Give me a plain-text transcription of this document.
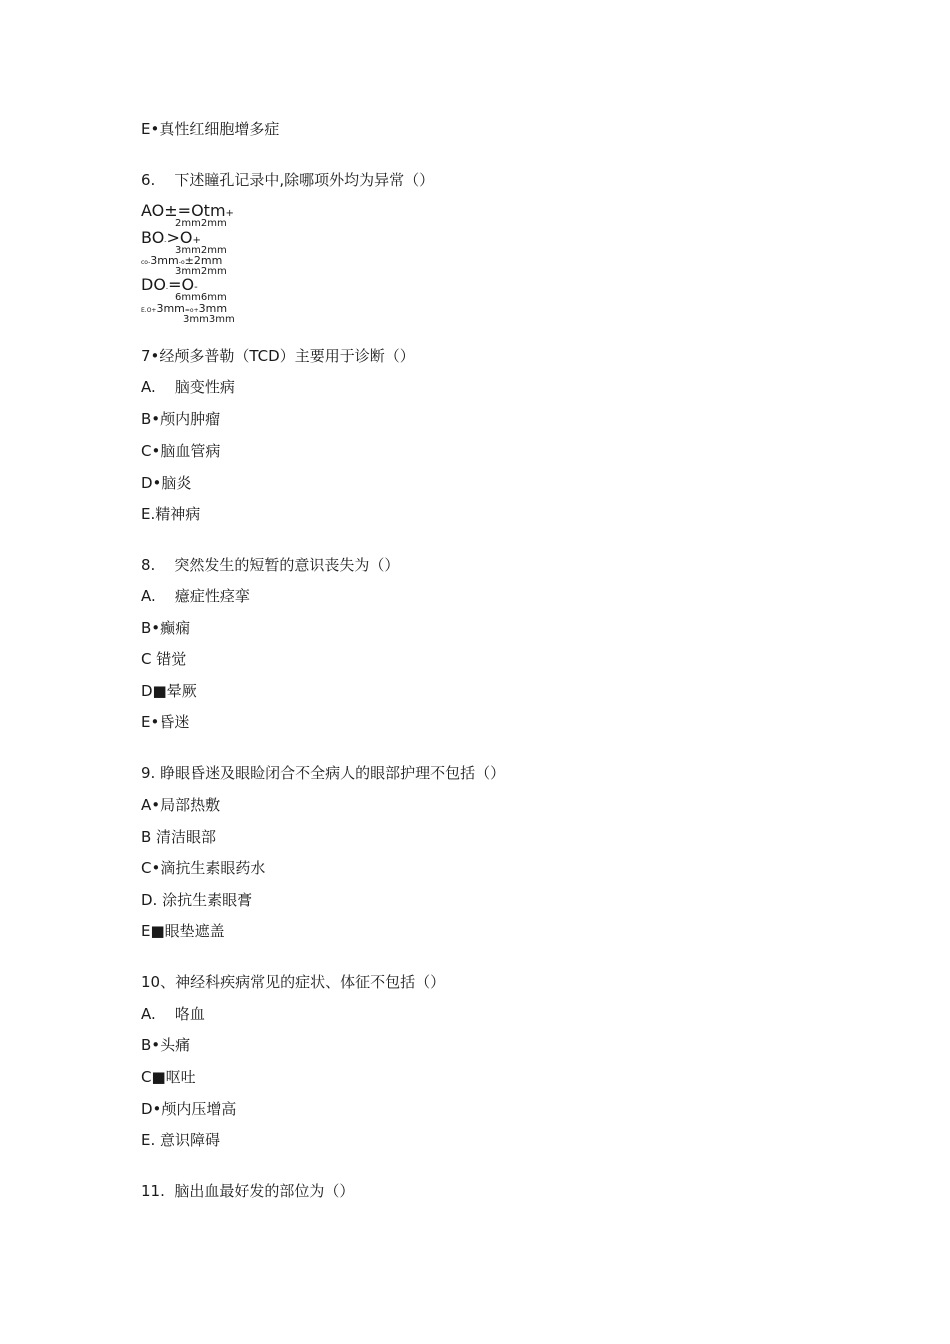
E•真性红细胞增多症
6.    下述瞳孔记录中,除哪项外均为异常（）
AO±=Otm+
2mm2mm
BO->O+
3mm2mm
co-3mm-o±2mm
3mm2mm
DO-=O-
6mm6mm
E.O+3mm=o+3mm
3mm3mm
7•经颅多普勒（TCD）主要用于诊断（）
A.    脑变性病
B•颅内肿瘤
C•脑血管病
D•脑炎
E.精神病
8.    突然发生的短暂的意识丧失为（）
A.    癔症性痉挛
B•癫痫
C 错觉
D■晕厥
E•昏迷
9. 睁眼昏迷及眼睑闭合不全病人的眼部护理不包括（）
A•局部热敷
B 清洁眼部
C•滴抗生素眼药水
D. 涂抗生素眼膏
E■眼垫遮盖
10、神经科疾病常见的症状、体征不包括（）
A.    咯血
B•头痛
C■呕吐
D•颅内压增高
E. 意识障碍
11.  脑出血最好发的部位为（）
